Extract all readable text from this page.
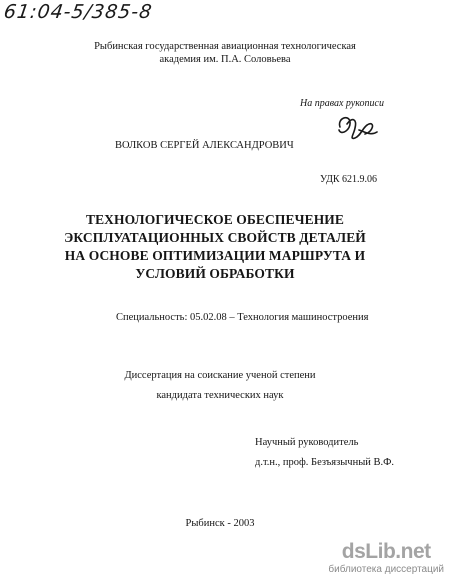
61:04-5/385-8
Рыбинская государственная авиационная технологическая
академия им. П.А. Соловьева
На правах рукописи
ВОЛКОВ СЕРГЕЙ АЛЕКСАНДРОВИЧ
УДК 621.9.06
ТЕХНОЛОГИЧЕСКОЕ ОБЕСПЕЧЕНИЕ
ЭКСПЛУАТАЦИОННЫХ СВОЙСТВ ДЕТАЛЕЙ
НА ОСНОВЕ ОПТИМИЗАЦИИ МАРШРУТА И
УСЛОВИЙ ОБРАБОТКИ
Специальность: 05.02.08 – Технология машиностроения
Диссертация на соискание ученой степени
кандидата технических наук
Научный руководитель
д.т.н., проф. Безъязычный В.Ф.
Рыбинск - 2003
dsLib.net
библиотека диссертаций
